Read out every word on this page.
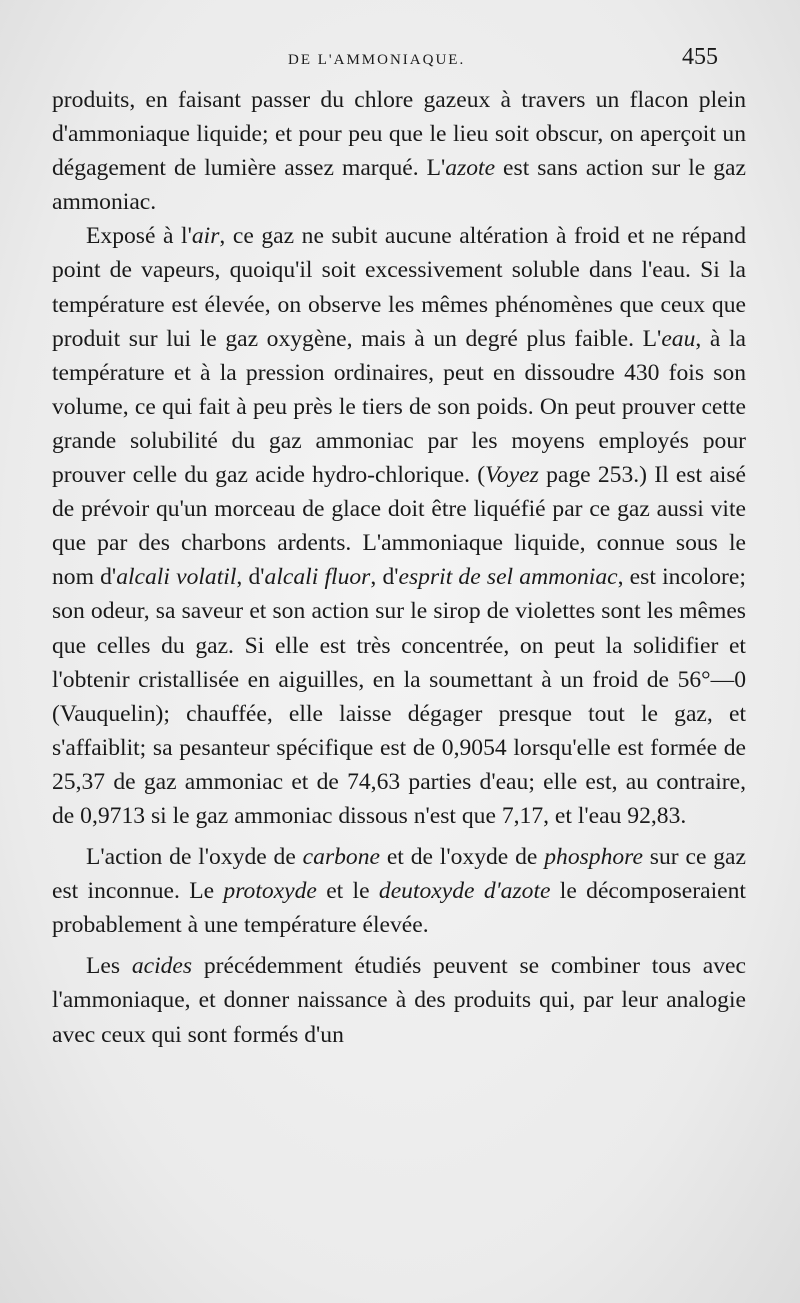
DE L'AMMONIAQUE.	455

produits, en faisant passer du chlore gazeux à travers un flacon plein d'ammoniaque liquide; et pour peu que le lieu soit obscur, on aperçoit un dégagement de lumière assez marqué. L'azote est sans action sur le gaz ammoniac.

Exposé à l'air, ce gaz ne subit aucune altération à froid et ne répand point de vapeurs, quoiqu'il soit excessivement soluble dans l'eau. Si la température est élevée, on observe les mêmes phénomènes que ceux que produit sur lui le gaz oxygène, mais à un degré plus faible. L'eau, à la température et à la pression ordinaires, peut en dissoudre 430 fois son volume, ce qui fait à peu près le tiers de son poids. On peut prouver cette grande solubilité du gaz ammoniac par les moyens employés pour prouver celle du gaz acide hydro-chlorique. (Voyez page 253.) Il est aisé de prévoir qu'un morceau de glace doit être liquéfié par ce gaz aussi vite que par des charbons ardents. L'ammoniaque liquide, connue sous le nom d'alcali volatil, d'alcali fluor, d'esprit de sel ammoniac, est incolore; son odeur, sa saveur et son action sur le sirop de violettes sont les mêmes que celles du gaz. Si elle est très concentrée, on peut la solidifier et l'obtenir cristallisée en aiguilles, en la soumettant à un froid de 56°—0 (Vauquelin); chauffée, elle laisse dégager presque tout le gaz, et s'affaiblit; sa pesanteur spécifique est de 0,9054 lorsqu'elle est formée de 25,37 de gaz ammoniac et de 74,63 parties d'eau; elle est, au contraire, de 0,9713 si le gaz ammoniac dissous n'est que 7,17, et l'eau 92,83.

L'action de l'oxyde de carbone et de l'oxyde de phosphore sur ce gaz est inconnue. Le protoxyde et le deutoxyde d'azote le décomposeraient probablement à une température élevée.

Les acides précédemment étudiés peuvent se combiner tous avec l'ammoniaque, et donner naissance à des produits qui, par leur analogie avec ceux qui sont formés d'un
